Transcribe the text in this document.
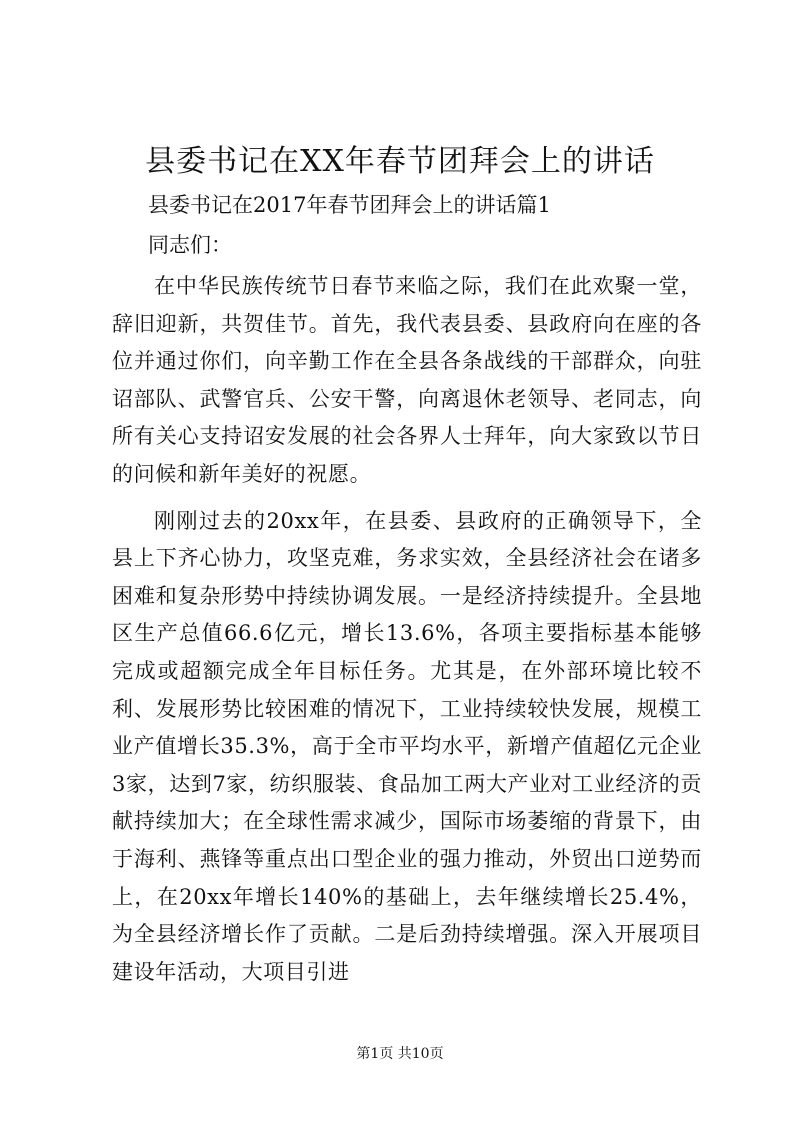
县委书记在XX年春节团拜会上的讲话

县委书记在2017年春节团拜会上的讲话篇1

同志们：

在中华民族传统节日春节来临之际，我们在此欢聚一堂，辞旧迎新，共贺佳节。首先，我代表县委、县政府向在座的各位并通过你们，向辛勤工作在全县各条战线的干部群众，向驻诏部队、武警官兵、公安干警，向离退休老领导、老同志，向所有关心支持诏安发展的社会各界人士拜年，向大家致以节日的问候和新年美好的祝愿。

刚刚过去的20xx年，在县委、县政府的正确领导下，全县上下齐心协力，攻坚克难，务求实效，全县经济社会在诸多困难和复杂形势中持续协调发展。一是经济持续提升。全县地区生产总值66.6亿元，增长13.6%，各项主要指标基本能够完成或超额完成全年目标任务。尤其是，在外部环境比较不利、发展形势比较困难的情况下，工业持续较快发展，规模工业产值增长35.3%，高于全市平均水平，新增产值超亿元企业3家，达到7家，纺织服装、食品加工两大产业对工业经济的贡献持续加大；在全球性需求减少，国际市场萎缩的背景下，由于海利、燕锋等重点出口型企业的强力推动，外贸出口逆势而上，在20xx年增长140%的基础上，去年继续增长25.4%，为全县经济增长作了贡献。二是后劲持续增强。深入开展项目建设年活动，大项目引进

第1页 共10页
